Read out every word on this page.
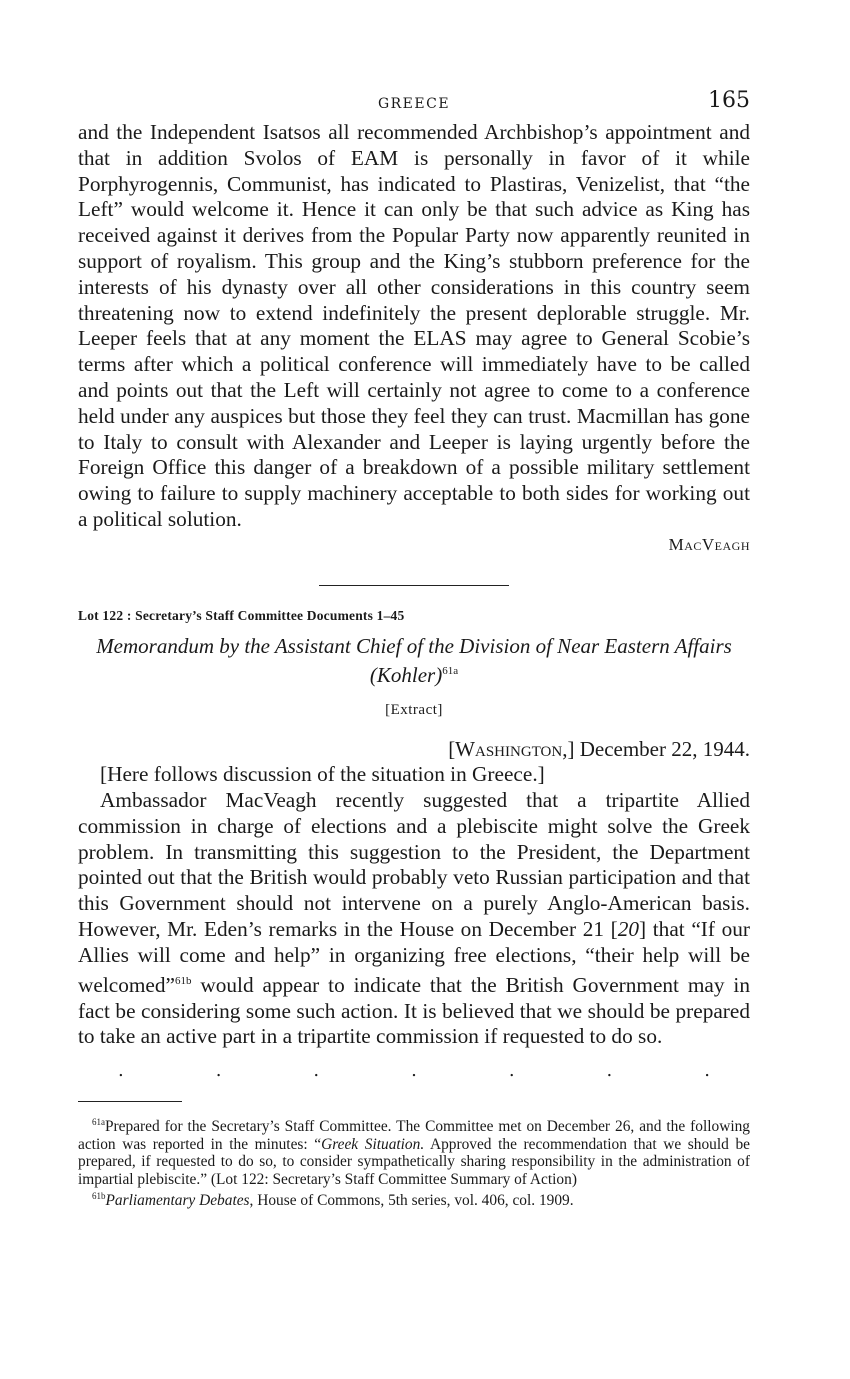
GREECE	165

and the Independent Isatsos all recommended Archbishop’s appointment and that in addition Svolos of EAM is personally in favor of it while Porphyrogennis, Communist, has indicated to Plastiras, Venizelist, that “the Left” would welcome it. Hence it can only be that such advice as King has received against it derives from the Popular Party now apparently reunited in support of royalism. This group and the King’s stubborn preference for the interests of his dynasty over all other considerations in this country seem threatening now to extend indefinitely the present deplorable struggle. Mr. Leeper feels that at any moment the ELAS may agree to General Scobie’s terms after which a political conference will immediately have to be called and points out that the Left will certainly not agree to come to a conference held under any auspices but those they feel they can trust. Macmillan has gone to Italy to consult with Alexander and Leeper is laying urgently before the Foreign Office this danger of a breakdown of a possible military settlement owing to failure to supply machinery acceptable to both sides for working out a political solution.

MacVeagh
Lot 122 : Secretary’s Staff Committee Documents 1–45
Memorandum by the Assistant Chief of the Division of Near Eastern Affairs (Kohler)$^{61a}$
[Extract]
[Washington,] December 22, 1944.

[Here follows discussion of the situation in Greece.]

Ambassador MacVeagh recently suggested that a tripartite Allied commission in charge of elections and a plebiscite might solve the Greek problem. In transmitting this suggestion to the President, the Department pointed out that the British would probably veto Russian participation and that this Government should not intervene on a purely Anglo-American basis. However, Mr. Eden’s remarks in the House on December 21 [20] that “If our Allies will come and help” in organizing free elections, “their help will be welcomed”$^{61b}$ would appear to indicate that the British Government may in fact be considering some such action. It is believed that we should be prepared to take an active part in a tripartite commission if requested to do so.

.	.	.	.	.	.	.

$^{61a}$Prepared for the Secretary’s Staff Committee. The Committee met on December 26, and the following action was reported in the minutes: “Greek Situation. Approved the recommendation that we should be prepared, if requested to do so, to consider sympathetically sharing responsibility in the administration of impartial plebiscite.” (Lot 122: Secretary’s Staff Committee Summary of Action)

$^{61b}$Parliamentary Debates, House of Commons, 5th series, vol. 406, col. 1909.
